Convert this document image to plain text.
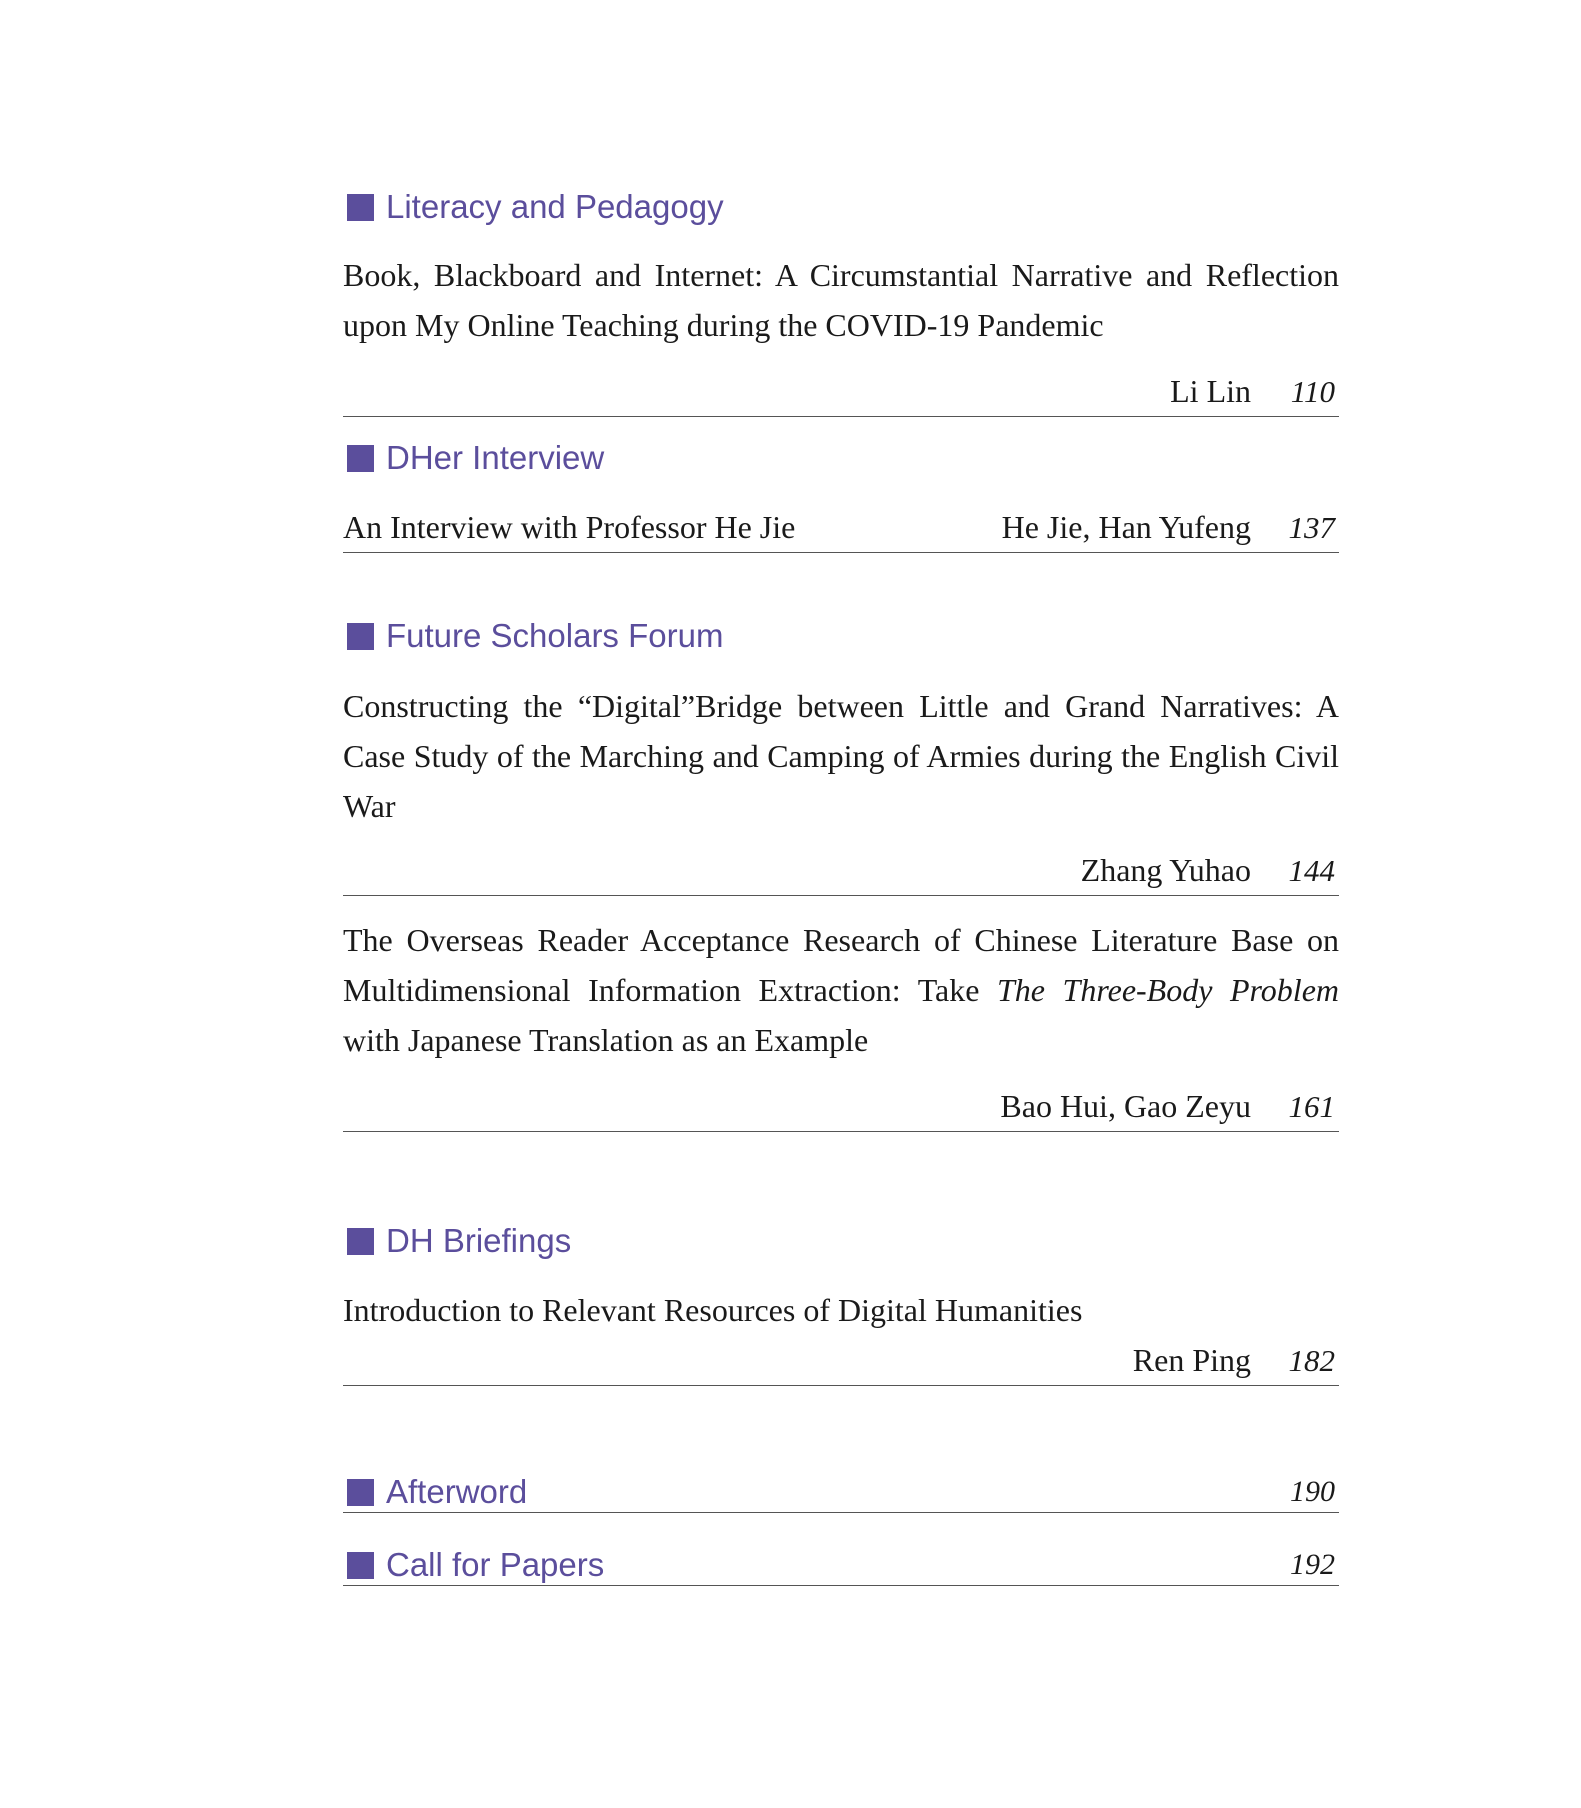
Literacy and Pedagogy

Book, Blackboard and Internet: A Circumstantial Narrative and Reflection upon My Online Teaching during the COVID-19 Pandemic

Li Lin	110
DHer Interview
An Interview with Professor He Jie	He Jie, Han Yufeng	137
Future Scholars Forum

Constructing the “Digital”Bridge between Little and Grand Narratives: A Case Study of the Marching and Camping of Armies during the English Civil War

Zhang Yuhao	144

The Overseas Reader Acceptance Research of Chinese Literature Base on Multidimensional Information Extraction: Take The Three-Body Problem with Japanese Translation as an Example

Bao Hui, Gao Zeyu	161
DH Briefings

Introduction to Relevant Resources of Digital Humanities

Ren Ping	182
Afterword	190
Call for Papers	192
